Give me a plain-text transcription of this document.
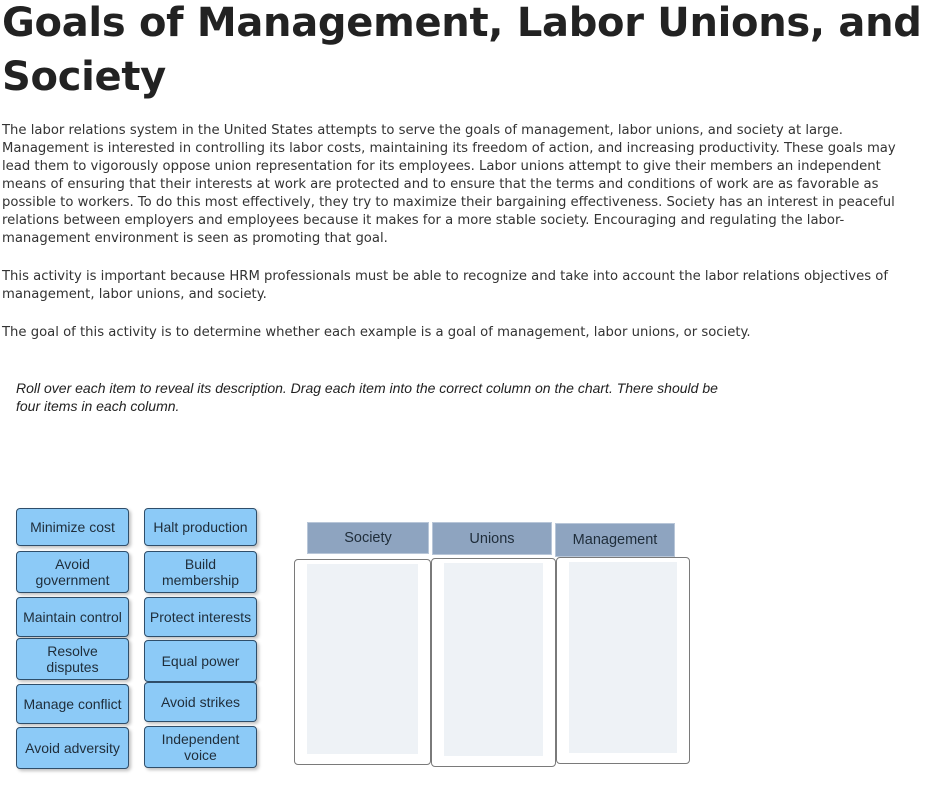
Goals of Management, Labor Unions, and Society

The labor relations system in the United States attempts to serve the goals of management, labor unions, and society at large.
Management is interested in controlling its labor costs, maintaining its freedom of action, and increasing productivity. These goals may
lead them to vigorously oppose union representation for its employees. Labor unions attempt to give their members an independent
means of ensuring that their interests at work are protected and to ensure that the terms and conditions of work are as favorable as
possible to workers. To do this most effectively, they try to maximize their bargaining effectiveness. Society has an interest in peaceful
relations between employers and employees because it makes for a more stable society. Encouraging and regulating the labor-
management environment is seen as promoting that goal.

This activity is important because HRM professionals must be able to recognize and take into account the labor relations objectives of
management, labor unions, and society.

The goal of this activity is to determine whether each example is a goal of management, labor unions, or society.

Roll over each item to reveal its description. Drag each item into the correct column on the chart. There should be
four items in each column.
Minimize cost	Halt production
Avoid government
Build membership
Maintain control	Protect interests
Resolve disputes	Equal power
Manage conflict	Avoid strikes
Avoid adversity
Independent voice
Society	Unions	Management
